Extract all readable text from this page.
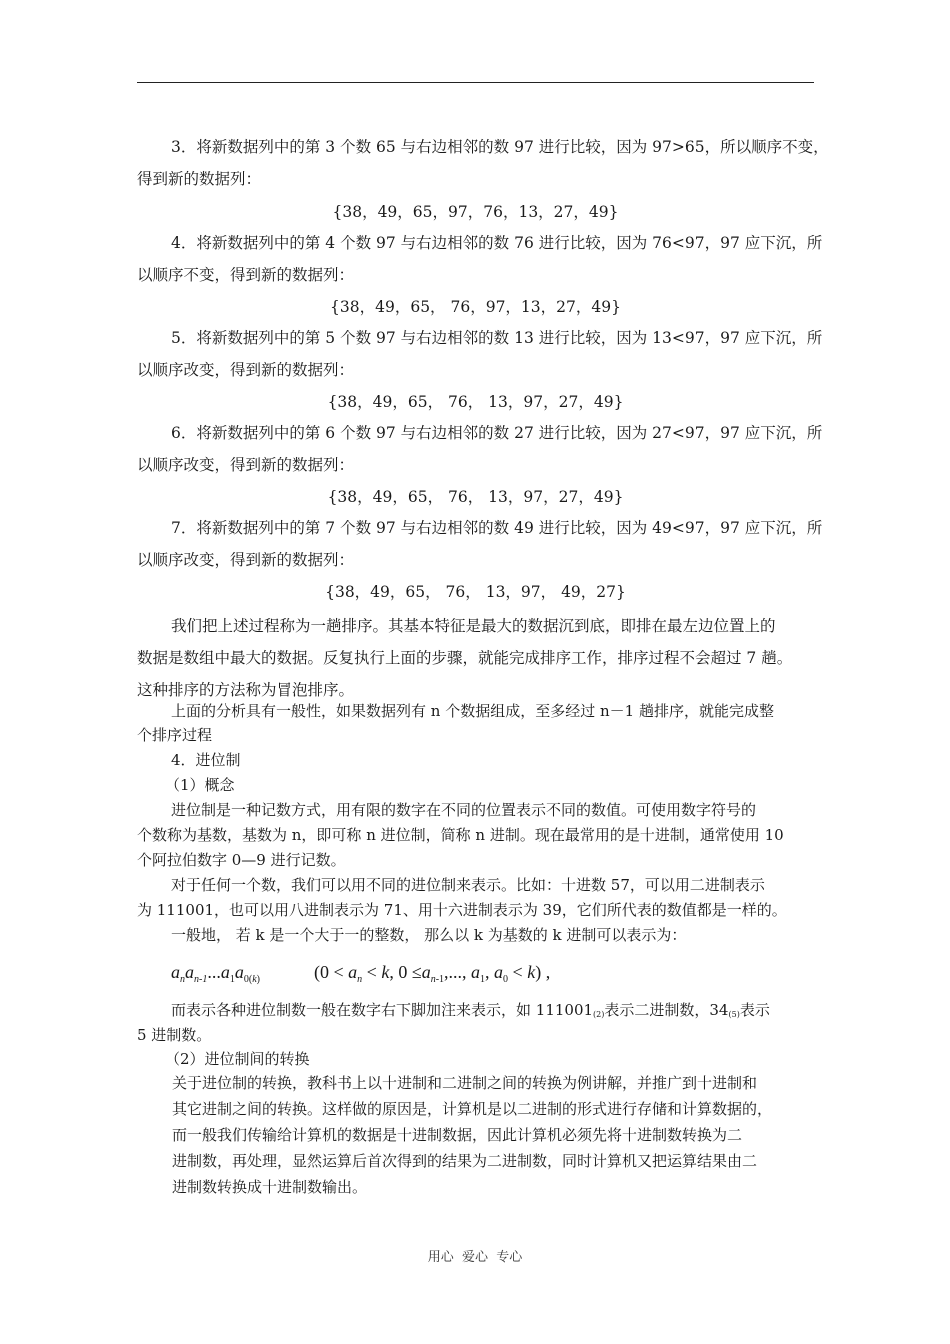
3．将新数据列中的第 3 个数 65 与右边相邻的数 97 进行比较，因为 97>65，所以顺序不变，
得到新的数据列：
{38，49，65，97，76，13，27，49}
4．将新数据列中的第 4 个数 97 与右边相邻的数 76 进行比较，因为 76<97，97 应下沉，所
以顺序不变，得到新的数据列：
{38，49，65， 76，97，13，27，49}
5．将新数据列中的第 5 个数 97 与右边相邻的数 13 进行比较，因为 13<97，97 应下沉，所
以顺序改变，得到新的数据列：
{38，49，65， 76， 13，97，27，49}
6．将新数据列中的第 6 个数 97 与右边相邻的数 27 进行比较，因为 27<97，97 应下沉，所
以顺序改变，得到新的数据列：
{38，49，65， 76， 13，97，27，49}
7．将新数据列中的第 7 个数 97 与右边相邻的数 49 进行比较，因为 49<97，97 应下沉，所
以顺序改变，得到新的数据列：
{38，49，65， 76， 13，97， 49，27}
我们把上述过程称为一趟排序。其基本特征是最大的数据沉到底，即排在最左边位置上的
数据是数组中最大的数据。反复执行上面的步骤，就能完成排序工作，排序过程不会超过 7 趟。
这种排序的方法称为冒泡排序。
上面的分析具有一般性，如果数据列有 n 个数据组成，至多经过 n－1 趟排序，就能完成整
个排序过程
4．进位制
（1）概念
进位制是一种记数方式，用有限的数字在不同的位置表示不同的数值。可使用数字符号的
个数称为基数，基数为 n，即可称 n 进位制，简称 n 进制。现在最常用的是十进制，通常使用 10
个阿拉伯数字 0—9 进行记数。
对于任何一个数，我们可以用不同的进位制来表示。比如：十进数 57，可以用二进制表示
为 111001，也可以用八进制表示为 71、用十六进制表示为 39，它们所代表的数值都是一样的。
一般地， 若 k 是一个大于一的整数， 那么以 k 为基数的 k 进制可以表示为：
$a_na_{n-1}...a_1a_{0(k)}$	($0 < a_n < k$, $0 \le a_{n-1}$,..., $a_1$, $a_0 < k$) ,
而表示各种进位制数一般在数字右下脚加注来表示，如 $111001_{(2)}$表示二进制数，$34_{(5)}$表示
5 进制数。
（2）进位制间的转换
关于进位制的转换，教科书上以十进制和二进制之间的转换为例讲解，并推广到十进制和
其它进制之间的转换。这样做的原因是，计算机是以二进制的形式进行存储和计算数据的，
而一般我们传输给计算机的数据是十进制数据，因此计算机必须先将十进制数转换为二
进制数，再处理，显然运算后首次得到的结果为二进制数，同时计算机又把运算结果由二
进制数转换成十进制数输出。
用心  爱心  专心
